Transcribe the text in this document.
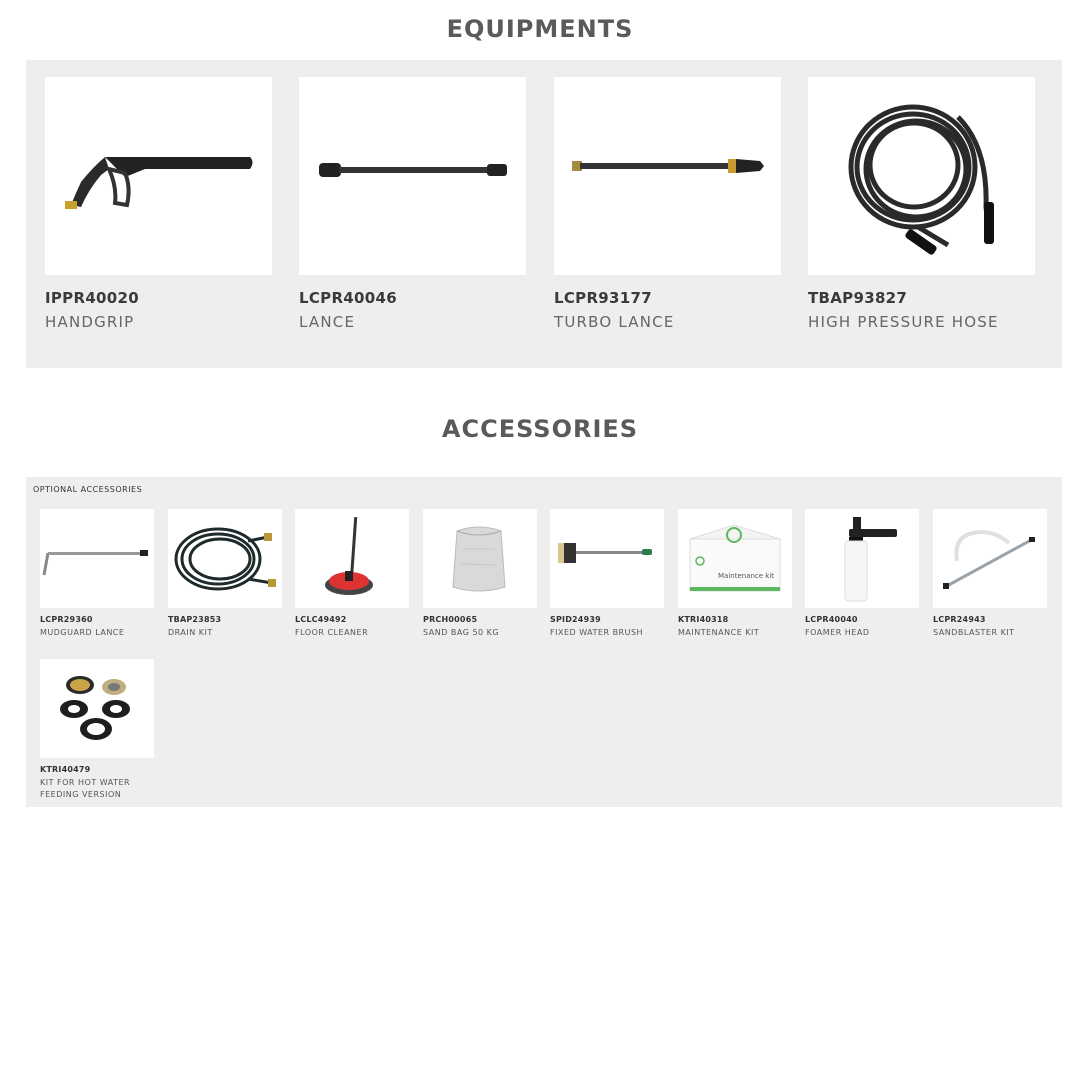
EQUIPMENTS
IPPR40020
HANDGRIP
LCPR40046
LANCE
LCPR93177
TURBO LANCE
TBAP93827
HIGH PRESSURE HOSE
ACCESSORIES
OPTIONAL ACCESSORIES
LCPR29360
MUDGUARD LANCE
TBAP23853
DRAIN KIT
LCLC49492
FLOOR CLEANER
PRCH00065
SAND BAG 50 KG
SPID24939
FIXED WATER BRUSH
Maintenance kit
KTRI40318
MAINTENANCE KIT
LCPR40040
FOAMER HEAD
LCPR24943
SANDBLASTER KIT
KTRI40479
KIT FOR HOT WATER FEEDING VERSION
